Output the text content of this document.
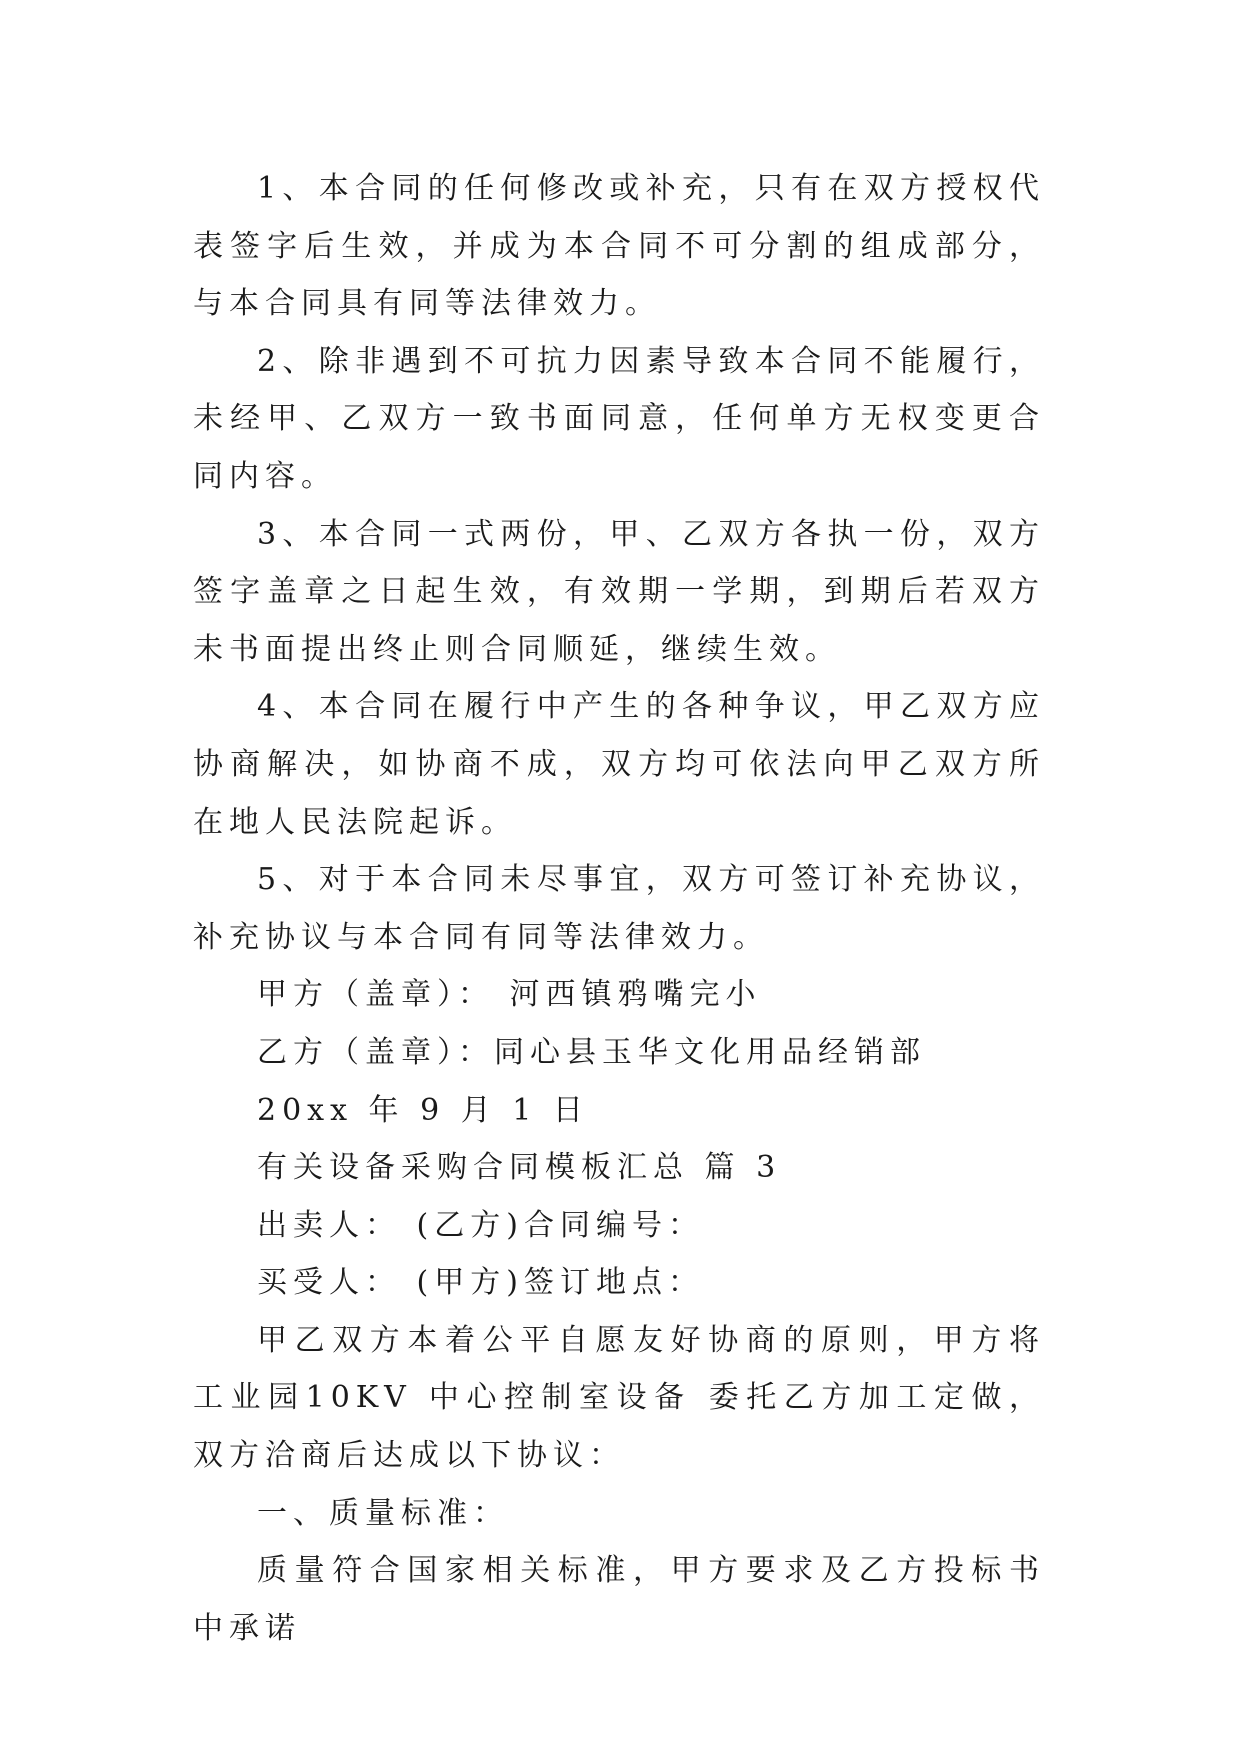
1、本合同的任何修改或补充，只有在双方授权代表签字后生效，并成为本合同不可分割的组成部分，与本合同具有同等法律效力。

2、除非遇到不可抗力因素导致本合同不能履行，未经甲、乙双方一致书面同意，任何单方无权变更合同内容。

3、本合同一式两份，甲、乙双方各执一份，双方签字盖章之日起生效，有效期一学期，到期后若双方未书面提出终止则合同顺延，继续生效。

4、本合同在履行中产生的各种争议，甲乙双方应协商解决，如协商不成，双方均可依法向甲乙双方所在地人民法院起诉。

5、对于本合同未尽事宜，双方可签订补充协议，补充协议与本合同有同等法律效力。

甲方（盖章）： 河西镇鸦嘴完小

乙方（盖章）：同心县玉华文化用品经销部

20xx 年 9 月 1 日

有关设备采购合同模板汇总 篇 3

出卖人： (乙方)合同编号：

买受人： (甲方)签订地点：

甲乙双方本着公平自愿友好协商的原则，甲方将工业园10KV 中心控制室设备 委托乙方加工定做，双方洽商后达成以下协议：

一、质量标准：

质量符合国家相关标准，甲方要求及乙方投标书中承诺
